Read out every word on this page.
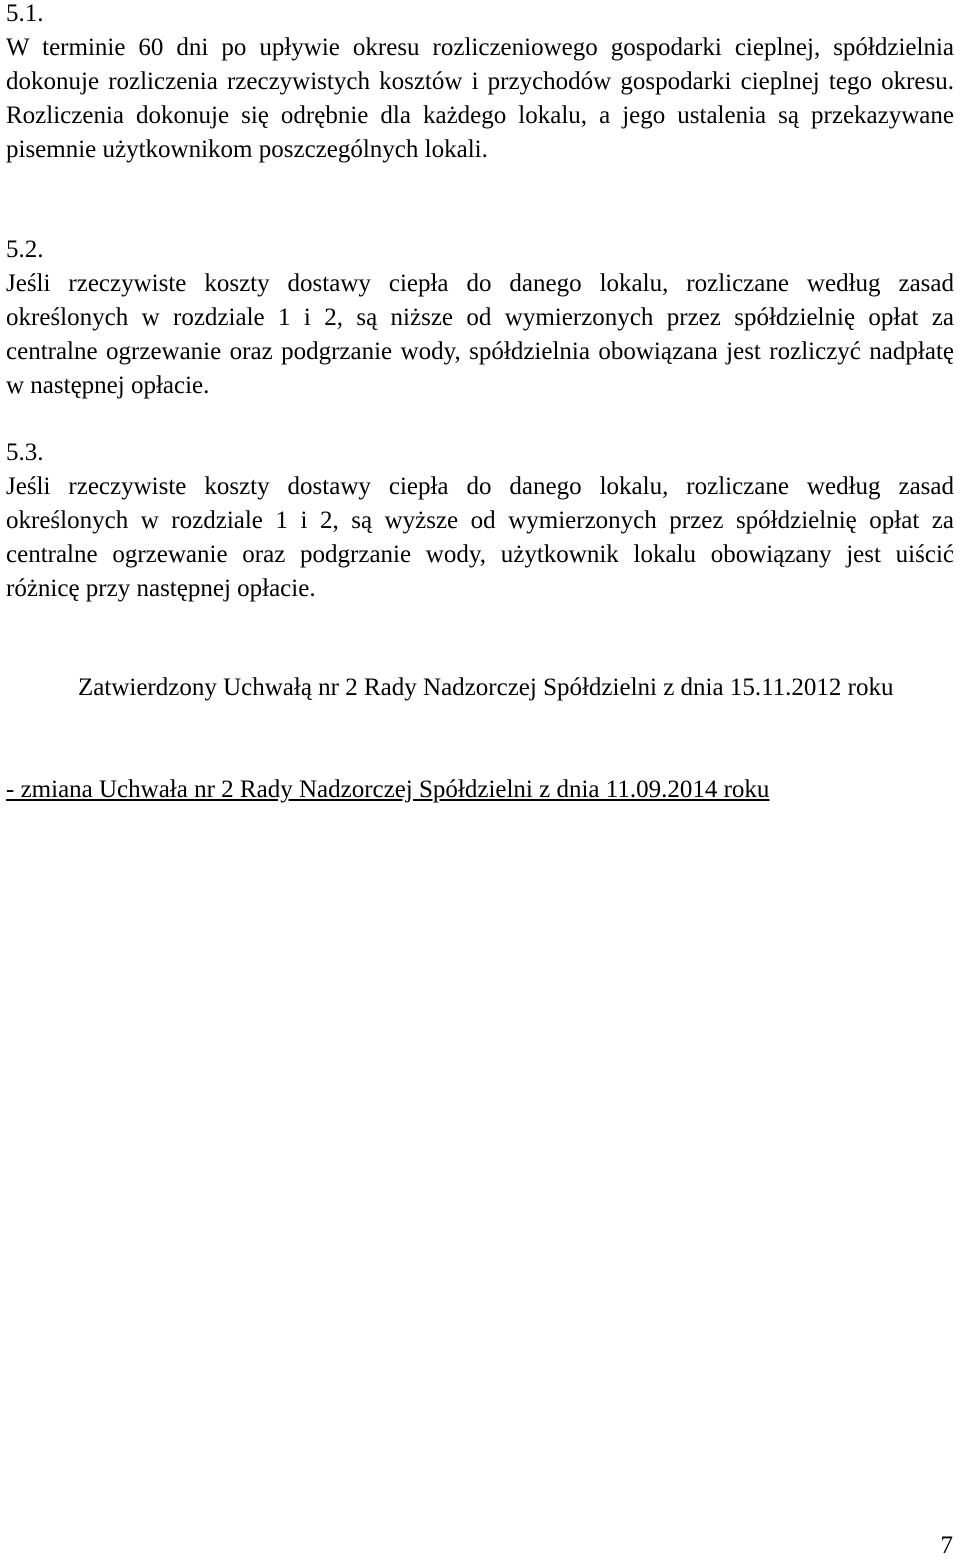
5.1.

W terminie 60 dni po upływie okresu rozliczeniowego gospodarki cieplnej, spółdzielnia dokonuje rozliczenia rzeczywistych kosztów i przychodów gospodarki cieplnej tego okresu. Rozliczenia dokonuje się odrębnie dla każdego lokalu, a jego ustalenia są przekazywane pisemnie użytkownikom poszczególnych lokali.

5.2.

Jeśli rzeczywiste koszty dostawy ciepła do danego lokalu, rozliczane według zasad określonych w rozdziale 1 i 2, są niższe od wymierzonych przez spółdzielnię opłat za centralne ogrzewanie oraz podgrzanie wody, spółdzielnia obowiązana jest rozliczyć nadpłatę w następnej opłacie.

5.3.

Jeśli rzeczywiste koszty dostawy ciepła do danego lokalu, rozliczane według zasad określonych w rozdziale 1 i 2, są wyższe od wymierzonych przez spółdzielnię opłat za centralne ogrzewanie oraz podgrzanie wody, użytkownik lokalu obowiązany jest uiścić różnicę przy następnej opłacie.

Zatwierdzony Uchwałą nr 2 Rady Nadzorczej Spółdzielni z dnia 15.11.2012 roku

- zmiana Uchwała nr 2 Rady Nadzorczej Spółdzielni z dnia 11.09.2014 roku

7
